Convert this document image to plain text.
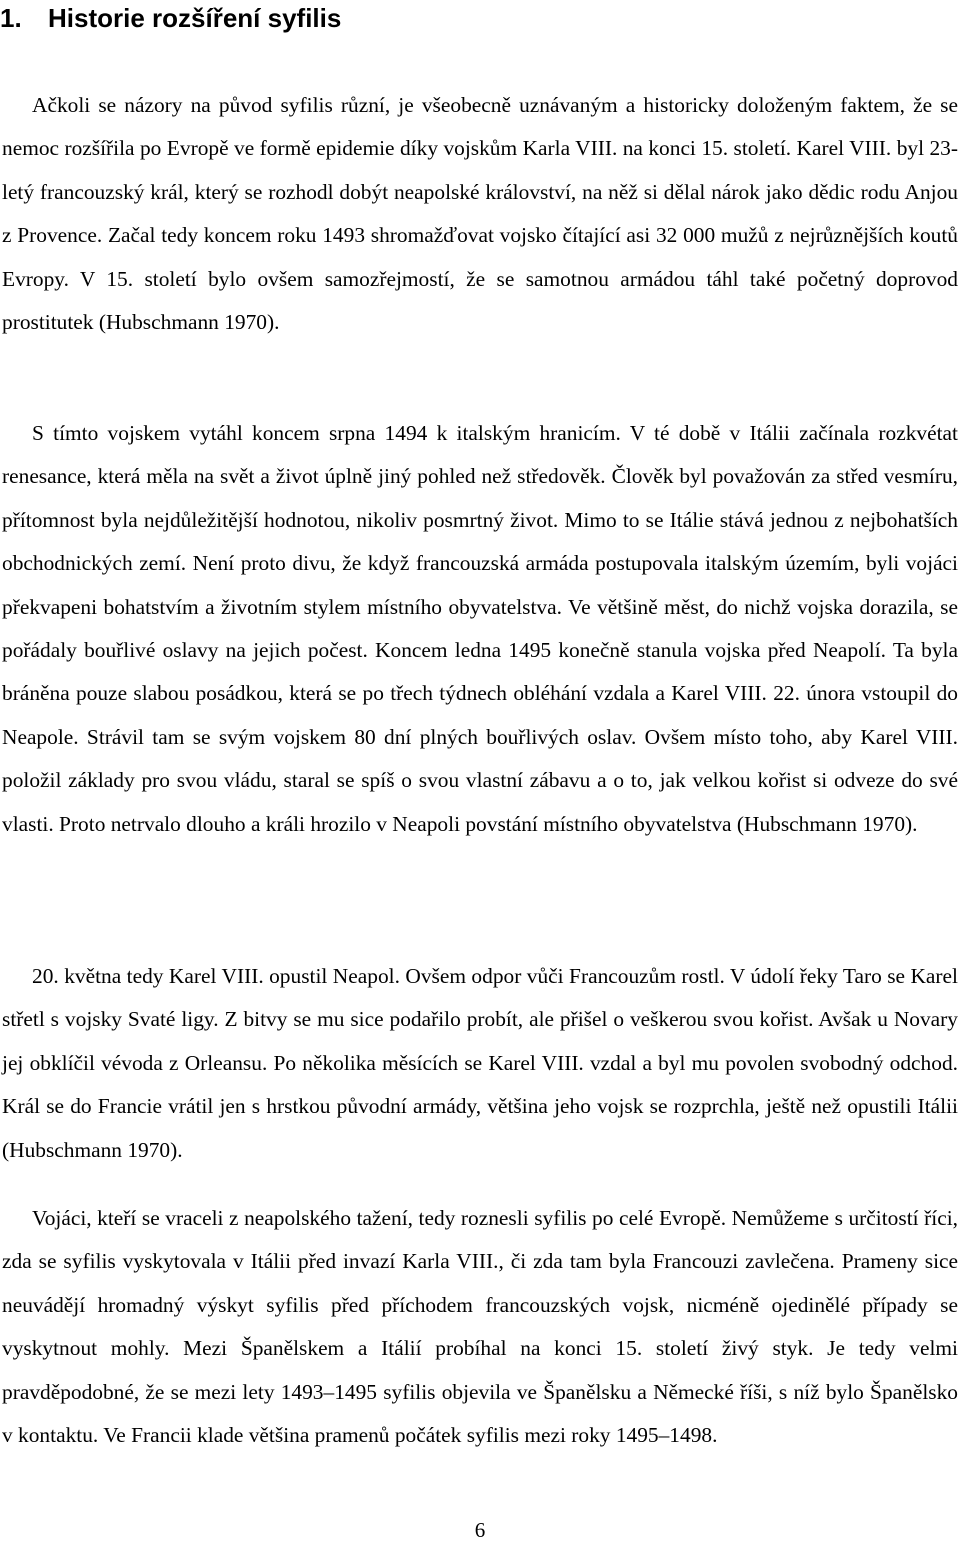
1. Historie rozšíření syfilis

Ačkoli se názory na původ syfilis různí, je všeobecně uznávaným a historicky doloženým faktem, že se nemoc rozšířila po Evropě ve formě epidemie díky vojskům Karla VIII. na konci 15. století. Karel VIII. byl 23-letý francouzský král, který se rozhodl dobýt neapolské království, na něž si dělal nárok jako dědic rodu Anjou z Provence. Začal tedy koncem roku 1493 shromažďovat vojsko čítající asi 32 000 mužů z nejrůznějších koutů Evropy. V 15. století bylo ovšem samozřejmostí, že se samotnou armádou táhl také početný doprovod prostitutek (Hubschmann 1970).

S tímto vojskem vytáhl koncem srpna 1494 k italským hranicím. V té době v Itálii začínala rozkvétat renesance, která měla na svět a život úplně jiný pohled než středověk. Člověk byl považován za střed vesmíru, přítomnost byla nejdůležitější hodnotou, nikoliv posmrtný život. Mimo to se Itálie stává jednou z nejbohatších obchodnických zemí. Není proto divu, že když francouzská armáda postupovala italským územím, byli vojáci překvapeni bohatstvím a životním stylem místního obyvatelstva. Ve většině měst, do nichž vojska dorazila, se pořádaly bouřlivé oslavy na jejich počest. Koncem ledna 1495 konečně stanula vojska před Neapolí. Ta byla bráněna pouze slabou posádkou, která se po třech týdnech obléhání vzdala a Karel VIII. 22. února vstoupil do Neapole. Strávil tam se svým vojskem 80 dní plných bouřlivých oslav. Ovšem místo toho, aby Karel VIII. položil základy pro svou vládu, staral se spíš o svou vlastní zábavu a o to, jak velkou kořist si odveze do své vlasti. Proto netrvalo dlouho a králi hrozilo v Neapoli povstání místního obyvatelstva (Hubschmann 1970).

20. května tedy Karel VIII. opustil Neapol. Ovšem odpor vůči Francouzům rostl. V údolí řeky Taro se Karel střetl s vojsky Svaté ligy. Z bitvy se mu sice podařilo probít, ale přišel o veškerou svou kořist. Avšak u Novary jej obklíčil vévoda z Orleansu. Po několika měsících se Karel VIII. vzdal a byl mu povolen svobodný odchod. Král se do Francie vrátil jen s hrstkou původní armády, většina jeho vojsk se rozprchla, ještě než opustili Itálii (Hubschmann 1970).

Vojáci, kteří se vraceli z neapolského tažení, tedy roznesli syfilis po celé Evropě. Nemůžeme s určitostí říci, zda se syfilis vyskytovala v Itálii před invazí Karla VIII., či zda tam byla Francouzi zavlečena. Prameny sice neuvádějí hromadný výskyt syfilis před příchodem francouzských vojsk, nicméně ojedinělé případy se vyskytnout mohly. Mezi Španělskem a Itálií probíhal na konci 15. století živý styk. Je tedy velmi pravděpodobné, že se mezi lety 1493–1495 syfilis objevila ve Španělsku a Německé říši, s níž bylo Španělsko v kontaktu. Ve Francii klade většina pramenů počátek syfilis mezi roky 1495–1498.

6
